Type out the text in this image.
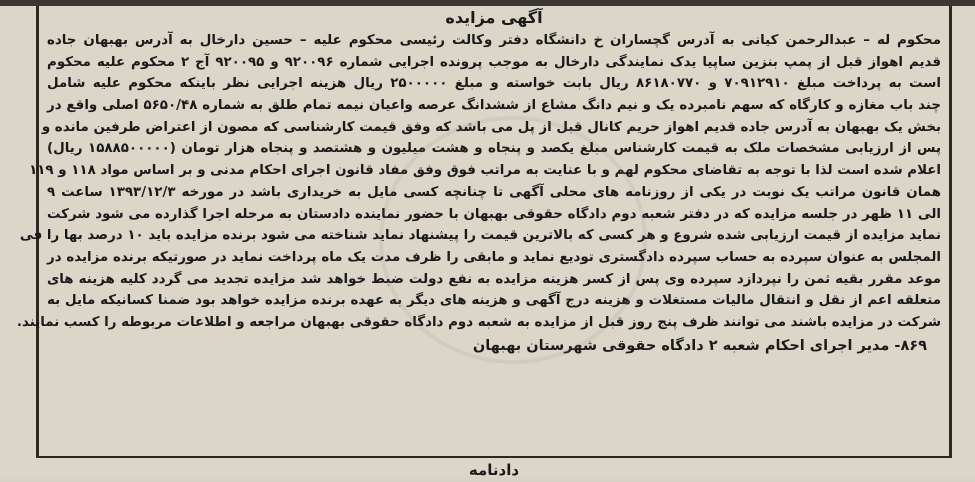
آگهی مزایده
محکوم له – عبدالرحمن کیانی به آدرس گچساران خ دانشگاه دفتر وکالت رئیسی محکوم علیه – حسین دارخال به آدرس بهبهان جاده
قدیم اهواز قبل از پمپ بنزین ساپیا یدک نمایندگی دارخال به موجب پرونده اجرایی شماره ۹۲۰۰۹۶ و ۹۲۰۰۹۵ آج ۲ محکوم علیه محکوم
است به پرداخت مبلغ ۷۰۹۱۲۹۱۰ و ۸۶۱۸۰۷۷۰ ریال بابت خواسته و مبلغ ۲۵۰۰۰۰۰ ریال هزینه اجرایی نظر باینکه محکوم علیه شامل
چند باب مغازه و کارگاه که سهم نامبرده یک و نیم دانگ مشاع از ششدانگ عرصه واعیان نیمه تمام طلق به شماره ۵۶۵۰/۴۸ اصلی واقع در
بخش یک بهبهان به آدرس جاده قدیم اهواز حریم کانال قبل از پل می باشد که وفق قیمت کارشناسی که مصون از اعتراض طرفین مانده و
پس از ارزیابی مشخصات ملک به قیمت کارشناس مبلغ یکصد و پنجاه و هشت میلیون و هشتصد و پنجاه هزار تومان (۱۵۸۸۵۰۰۰۰۰ ریال)
اعلام شده است لذا با توجه به تقاضای محکوم لهم و با عنایت به مراتب فوق وفق مفاد قانون اجرای احکام مدنی و بر اساس مواد ۱۱۸ و ۱۱۹
همان قانون مراتب یک نوبت در یکی از روزنامه های محلی آگهی تا چنانچه کسی مایل به خریداری باشد در مورخه ۱۳۹۳/۱۲/۳ ساعت ۹
الی ۱۱ ظهر در جلسه مزایده که در دفتر شعبه دوم دادگاه حقوقی بهبهان با حضور نماینده دادستان به مرحله اجرا گذارده می شود شرکت
نماید مزایده از قیمت ارزیابی شده شروع و هر کسی که بالاترین قیمت را پیشنهاد نماید شناخته می شود برنده مزایده باید ۱۰ درصد بها را فی
المجلس به عنوان سپرده به حساب سپرده دادگستری تودیع نماید و مابقی را ظرف مدت یک ماه پرداخت نماید در صورتیکه برنده مزایده در
موعد مقرر بقیه ثمن را نپردازد سپرده وی پس از کسر هزینه مزایده به نفع دولت ضبط خواهد شد مزایده تجدید می گردد کلیه هزینه های
متعلقه اعم از نقل و انتقال مالیات مستغلات و هزینه درج آگهی و هزینه های دیگر به عهده برنده مزایده خواهد بود ضمنا کسانیکه مایل به
شرکت در مزایده باشند می توانند ظرف پنج روز قبل از مزایده به شعبه دوم دادگاه حقوقی بهبهان مراجعه و اطلاعات مربوطه را کسب نمایند.
۸۶۹- مدیر اجرای احکام شعبه ۲ دادگاه حقوقی شهرستان بهبهان
دادنامه
